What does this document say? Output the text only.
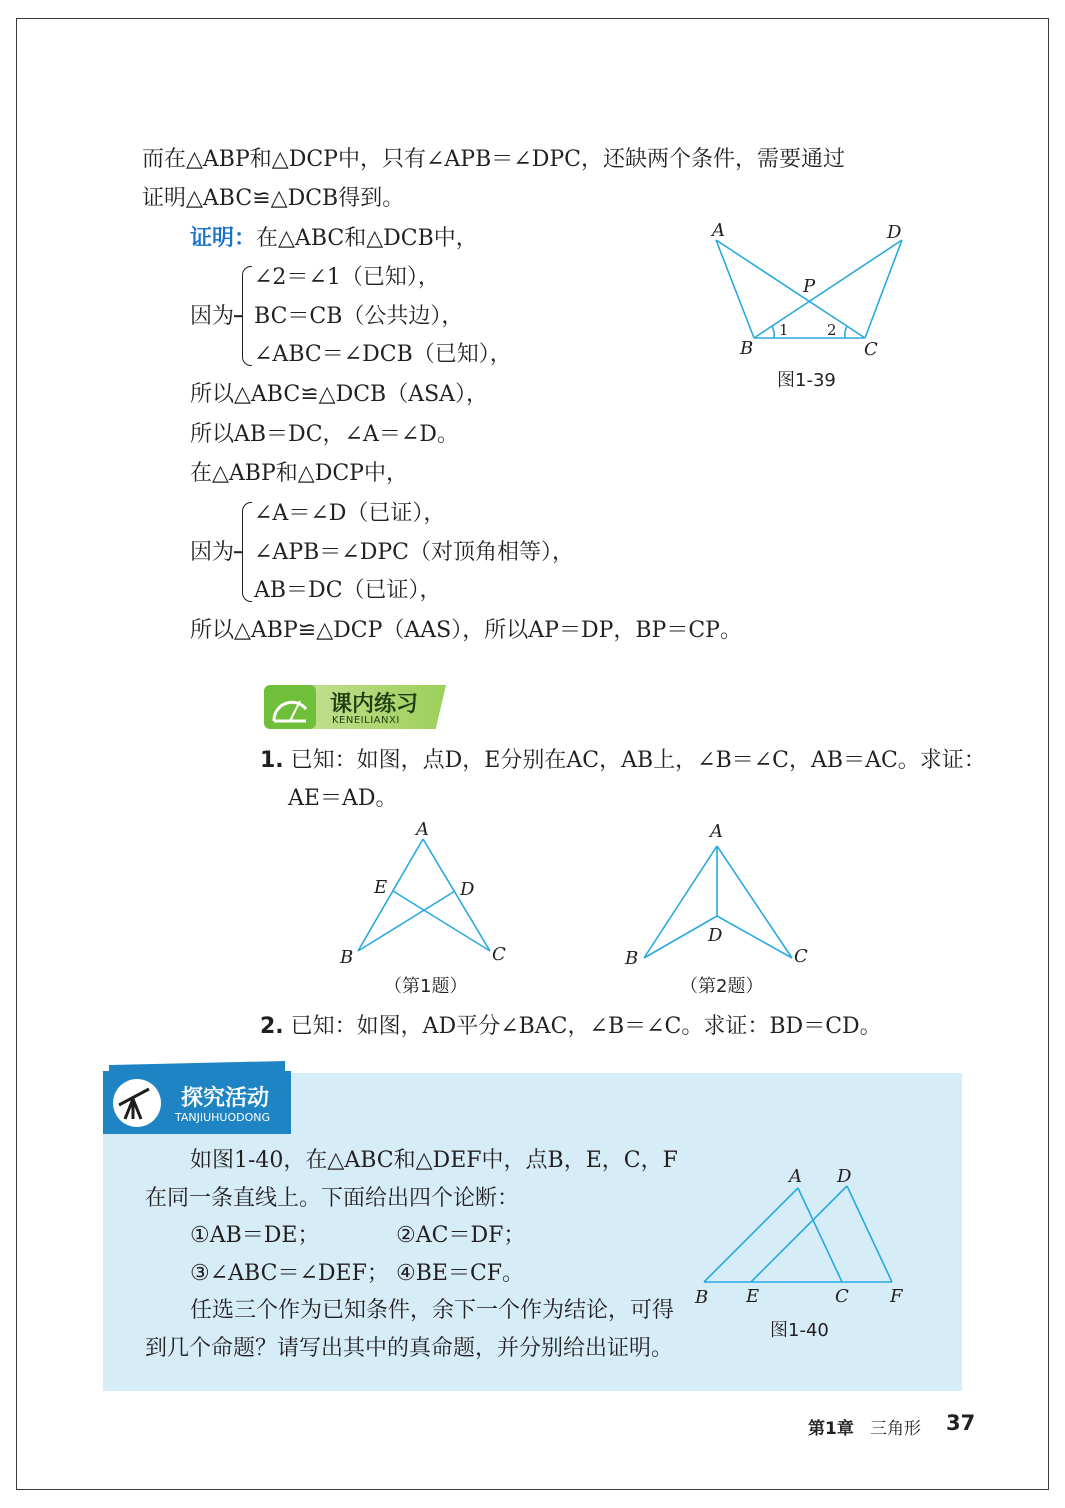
而在△ABP和△DCP中，只有∠APB＝∠DPC，还缺两个条件，需要通过
证明△ABC≌△DCB得到。
证明：在△ABC和△DCB中，
因为
∠2＝∠1（已知），
BC＝CB（公共边），
∠ABC＝∠DCB（已知），
所以△ABC≌△DCB（ASA），
所以AB＝DC，∠A＝∠D。
在△ABP和△DCP中，
因为
∠A＝∠D（已证），
∠APB＝∠DPC（对顶角相等），
AB＝DC（已证），
所以△ABP≌△DCP（AAS），所以AP＝DP，BP＝CP。
A	D
P
B	C
1	2
图1-39
课内练习
KENEILIANXI
1. 已知：如图，点D，E分别在AC，AB上，∠B＝∠C，AB＝AC。求证：
AE＝AD。
A
E	D
B	C
（第1题）
A
D
B	C
（第2题）
2. 已知：如图，AD平分∠BAC，∠B＝∠C。求证：BD＝CD。
探究活动
TANJIUHUODONG
如图1-40，在△ABC和△DEF中，点B，E，C，F
在同一条直线上。下面给出四个论断：
①AB＝DE；	②AC＝DF；
③∠ABC＝∠DEF； ④BE＝CF。
任选三个作为已知条件，余下一个作为结论，可得
到几个命题？请写出其中的真命题，并分别给出证明。
A D
B E	C F
图1-40
第1章 三角形 37
